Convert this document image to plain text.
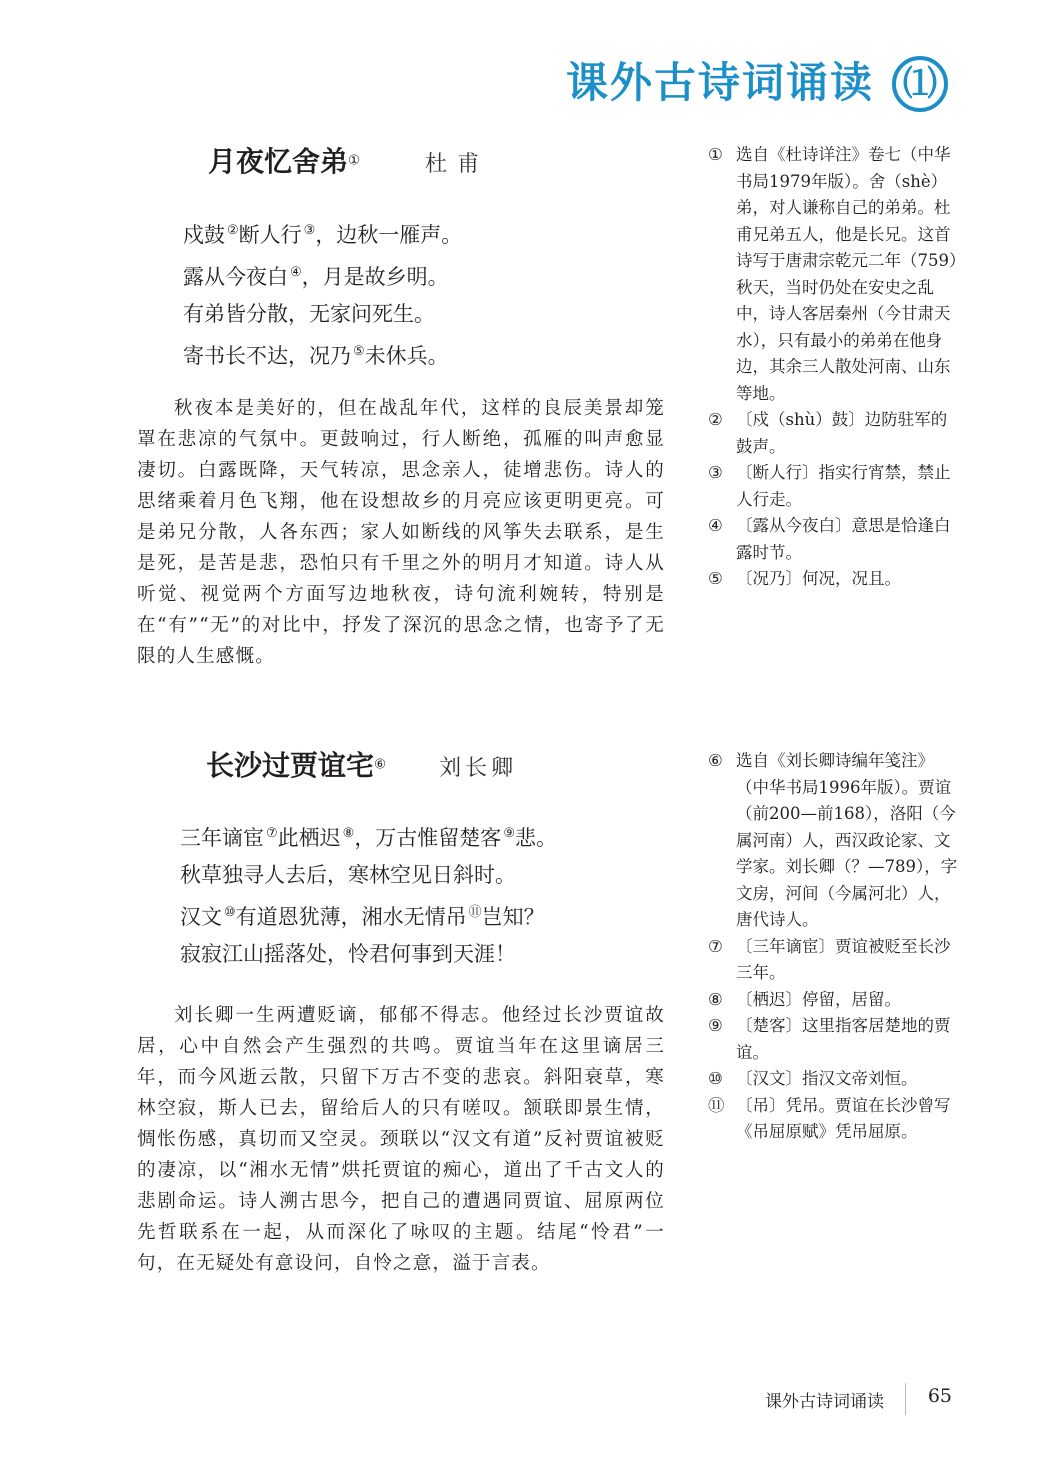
课外古诗词诵读 ⑴
月夜忆舍弟①	杜甫

戍鼓 ②断人行 ③，边秋一雁声。

露从今夜白 ④，月是故乡明。

有弟皆分散，无家问死生。

寄书长不达，况乃 ⑤未休兵。

秋夜本是美好的，但在战乱年代，这样的良辰美景却笼罩在悲凉的气氛中。更鼓响过，行人断绝，孤雁的叫声愈显凄切。白露既降，天气转凉，思念亲人，徒增悲伤。诗人的思绪乘着月色飞翔，他在设想故乡的月亮应该更明更亮。可是弟兄分散，人各东西；家人如断线的风筝失去联系，是生是死，是苦是悲，恐怕只有千里之外的明月才知道。诗人从听觉、视觉两个方面写边地秋夜，诗句流利婉转，特别是在“有”“无”的对比中，抒发了深沉的思念之情，也寄予了无限的人生感慨。

① 选自《杜诗详注》卷七（中华书局1979年版）。舍（shè）弟，对人谦称自己的弟弟。杜甫兄弟五人，他是长兄。这首诗写于唐肃宗乾元二年（759）秋天，当时仍处在安史之乱中，诗人客居秦州（今甘肃天水），只有最小的弟弟在他身边，其余三人散处河南、山东等地。
② 〔戍（shù）鼓〕边防驻军的鼓声。
③ 〔断人行〕指实行宵禁，禁止人行走。
④ 〔露从今夜白〕意思是恰逢白露时节。
⑤ 〔况乃〕何况，况且。
长沙过贾谊宅⑥ 刘长卿

三年谪宦 ⑦此栖迟 ⑧，万古惟留楚客 ⑨悲。

秋草独寻人去后，寒林空见日斜时。

汉文 ⑩有道恩犹薄，湘水无情吊 ⑪岂知？

寂寂江山摇落处，怜君何事到天涯！

刘长卿一生两遭贬谪，郁郁不得志。他经过长沙贾谊故居，心中自然会产生强烈的共鸣。贾谊当年在这里谪居三年，而今风逝云散，只留下万古不变的悲哀。斜阳衰草，寒林空寂，斯人已去，留给后人的只有嗟叹。颔联即景生情，惆怅伤感，真切而又空灵。颈联以“汉文有道”反衬贾谊被贬的凄凉，以“湘水无情”烘托贾谊的痴心，道出了千古文人的悲剧命运。诗人溯古思今，把自己的遭遇同贾谊、屈原两位先哲联系在一起，从而深化了咏叹的主题。结尾“怜君”一句，在无疑处有意设问，自怜之意，溢于言表。

⑥ 选自《刘长卿诗编年笺注》（中华书局1996年版）。贾谊（前200—前168），洛阳（今属河南）人，西汉政论家、文学家。刘长卿（？—789），字文房，河间（今属河北）人，唐代诗人。
⑦ 〔三年谪宦〕贾谊被贬至长沙三年。
⑧ 〔栖迟〕停留，居留。
⑨ 〔楚客〕这里指客居楚地的贾谊。
⑩ 〔汉文〕指汉文帝刘恒。
⑪ 〔吊〕凭吊。贾谊在长沙曾写《吊屈原赋》凭吊屈原。
课外古诗词诵读 65
